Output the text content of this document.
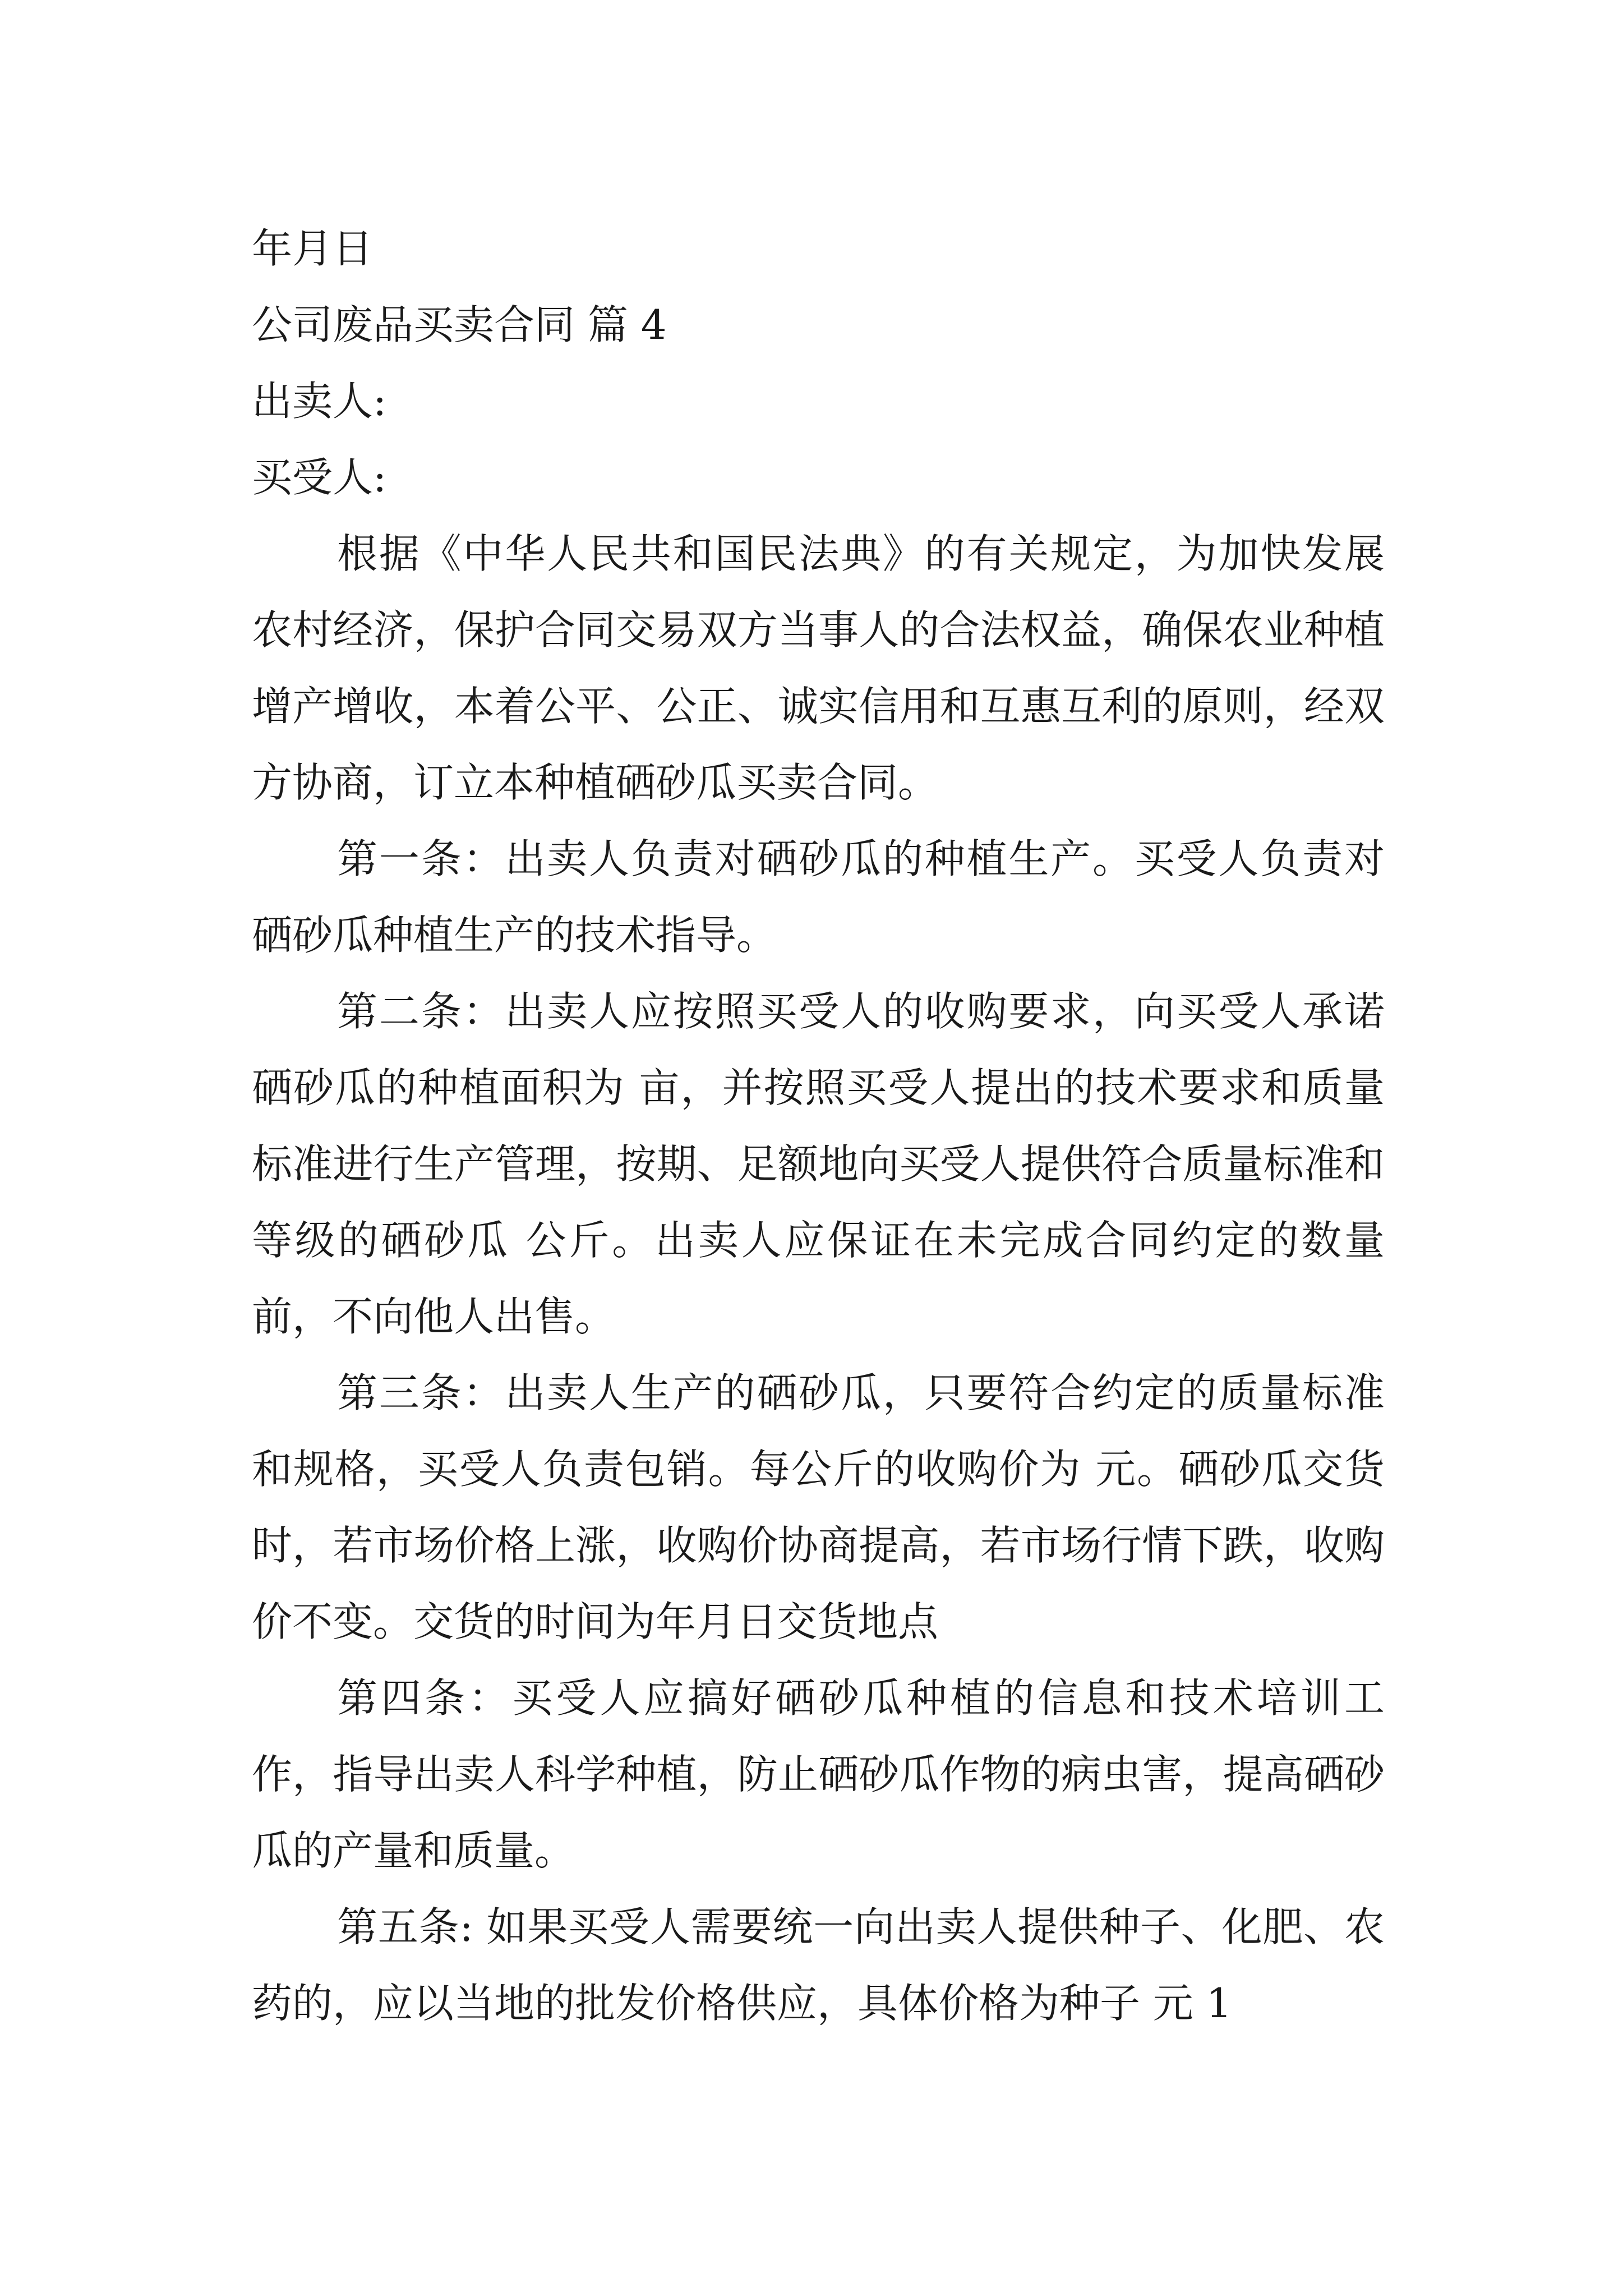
年月日
公司废品买卖合同 篇 4
出卖人:
买受人:

根据《中华人民共和国民法典》的有关规定，为加快发展农村经济，保护合同交易双方当事人的合法权益，确保农业种植增产增收，本着公平、公正、诚实信用和互惠互利的原则，经双方协商，订立本种植硒砂瓜买卖合同。

第一条：出卖人负责对硒砂瓜的种植生产。买受人负责对硒砂瓜种植生产的技术指导。

第二条：出卖人应按照买受人的收购要求，向买受人承诺硒砂瓜的种植面积为 亩，并按照买受人提出的技术要求和质量标准进行生产管理，按期、足额地向买受人提供符合质量标准和等级的硒砂瓜 公斤。出卖人应保证在未完成合同约定的数量前，不向他人出售。

第三条：出卖人生产的硒砂瓜，只要符合约定的质量标准和规格，买受人负责包销。每公斤的收购价为 元。硒砂瓜交货时，若市场价格上涨，收购价协商提高，若市场行情下跌，收购价不变。交货的时间为年月日交货地点

第四条：买受人应搞好硒砂瓜种植的信息和技术培训工作，指导出卖人科学种植，防止硒砂瓜作物的病虫害，提高硒砂瓜的产量和质量。

第五条: 如果买受人需要统一向出卖人提供种子、化肥、农药的，应以当地的批发价格供应，具体价格为种子 元 1
